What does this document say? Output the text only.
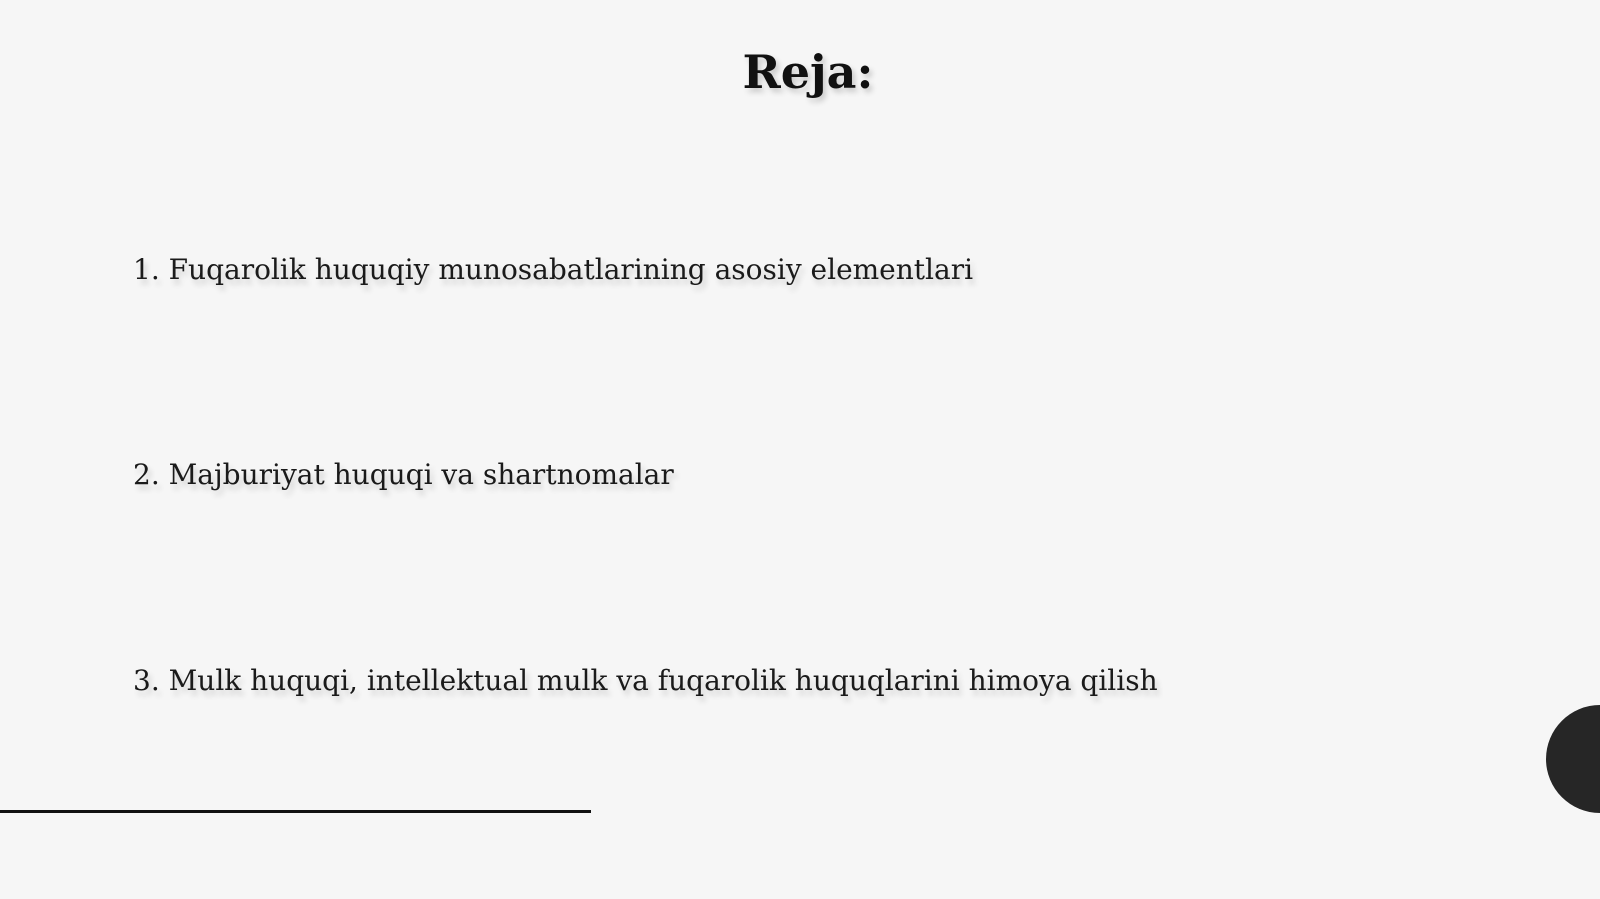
Reja:
1. Fuqarolik huquqiy munosabatlarining asosiy elementlari
2. Majburiyat huquqi va shartnomalar
3. Mulk huquqi, intellektual mulk va fuqarolik huquqlarini himoya qilish
